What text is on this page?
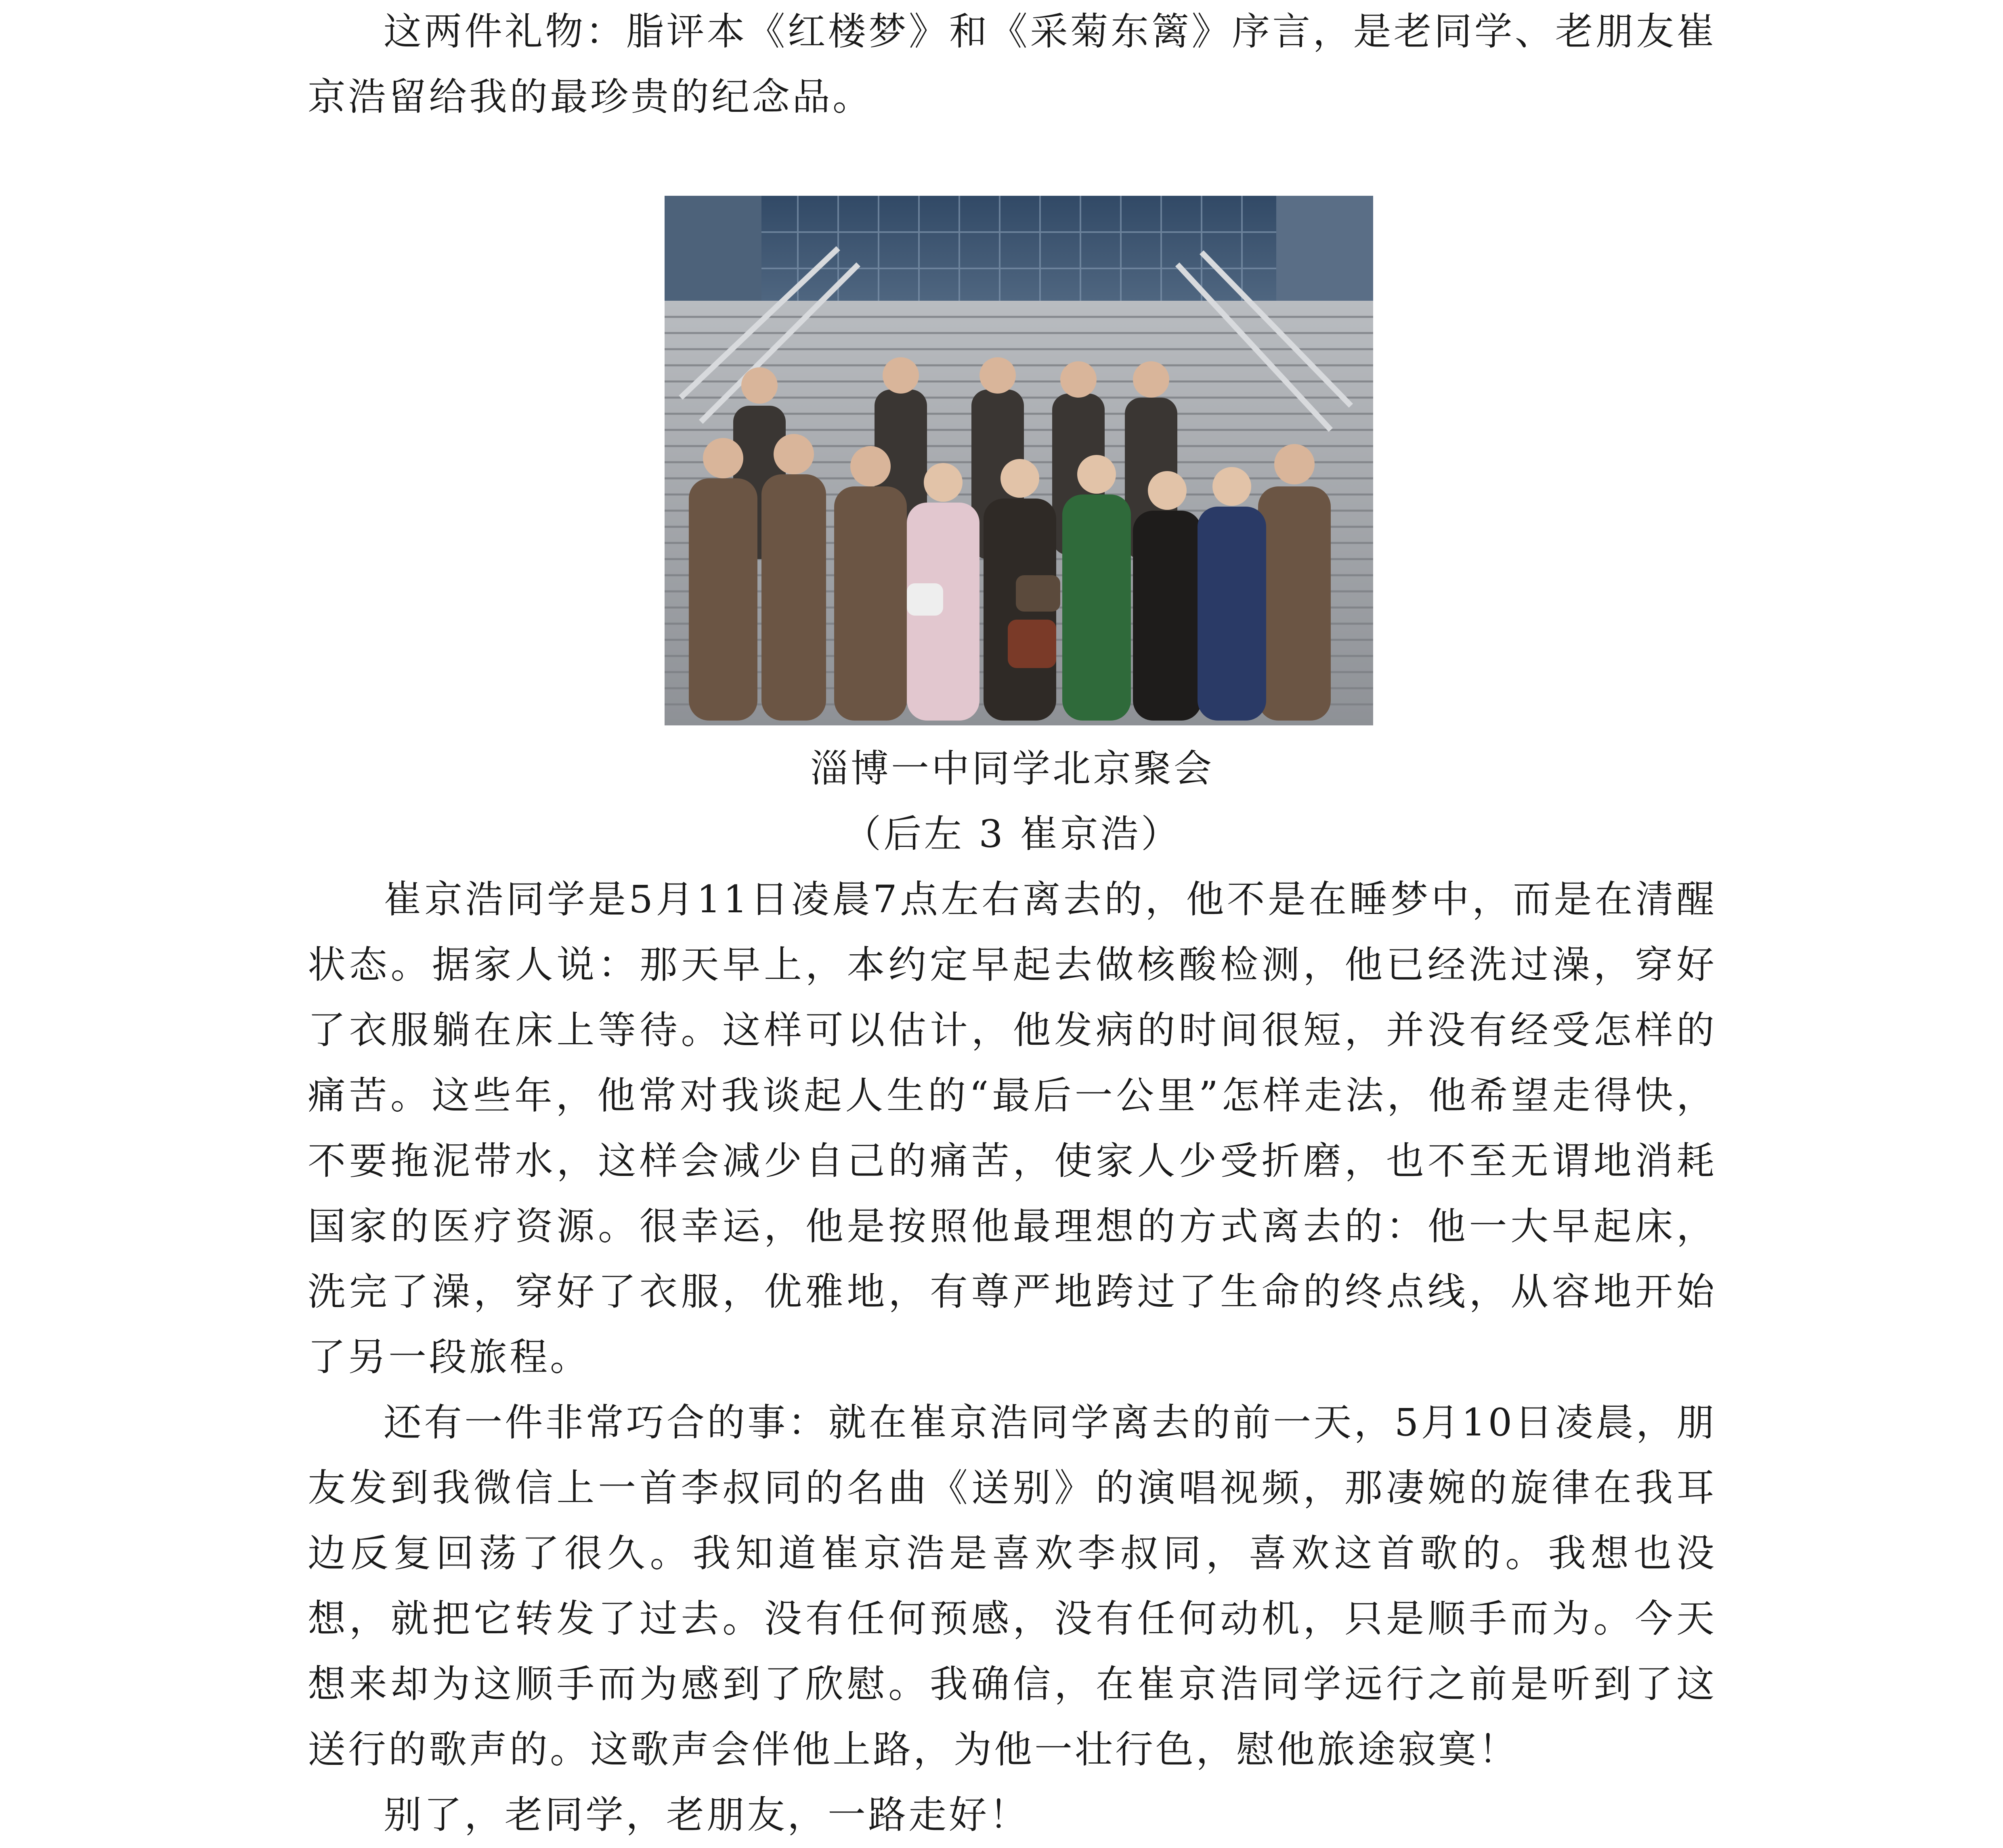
这两件礼物：脂评本《红楼梦》和《采菊东篱》序言，是老同学、老朋友崔京浩留给我的最珍贵的纪念品。

淄博一中同学北京聚会
（后左 3 崔京浩）

崔京浩同学是5月11日凌晨7点左右离去的，他不是在睡梦中，而是在清醒状态。据家人说：那天早上，本约定早起去做核酸检测，他已经洗过澡，穿好了衣服躺在床上等待。这样可以估计，他发病的时间很短，并没有经受怎样的痛苦。这些年，他常对我谈起人生的“最后一公里”怎样走法，他希望走得快，不要拖泥带水，这样会减少自己的痛苦，使家人少受折磨，也不至无谓地消耗国家的医疗资源。很幸运，他是按照他最理想的方式离去的：他一大早起床，洗完了澡，穿好了衣服，优雅地，有尊严地跨过了生命的终点线，从容地开始了另一段旅程。

还有一件非常巧合的事：就在崔京浩同学离去的前一天，5月10日凌晨，朋友发到我微信上一首李叔同的名曲《送别》的演唱视频，那凄婉的旋律在我耳边反复回荡了很久。我知道崔京浩是喜欢李叔同，喜欢这首歌的。我想也没想，就把它转发了过去。没有任何预感，没有任何动机，只是顺手而为。今天想来却为这顺手而为感到了欣慰。我确信，在崔京浩同学远行之前是听到了这送行的歌声的。这歌声会伴他上路，为他一壮行色，慰他旅途寂寞！

别了，老同学，老朋友，一路走好！
